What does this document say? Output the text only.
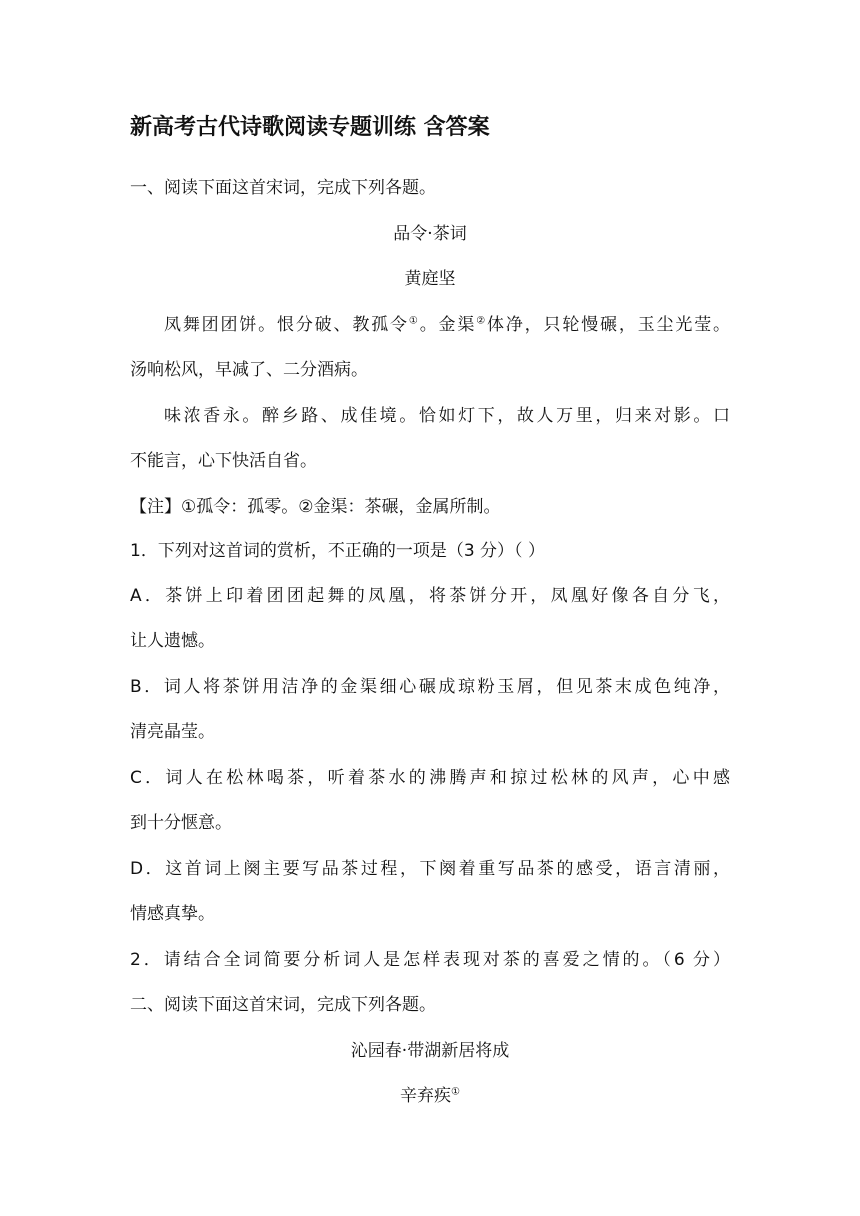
新高考古代诗歌阅读专题训练 含答案
一、阅读下面这首宋词，完成下列各题。
品令·茶词
黄庭坚
凤舞团团饼。恨分破、教孤令①。金渠②体净，只轮慢碾，玉尘光莹。
汤响松风，早减了、二分酒病。
味浓香永。醉乡路、成佳境。恰如灯下，故人万里，归来对影。口
不能言，心下快活自省。
【注】①孤令：孤零。②金渠：茶碾，金属所制。
1．下列对这首词的赏析，不正确的一项是（3 分）（ ）
A．茶饼上印着团团起舞的凤凰，将茶饼分开，凤凰好像各自分飞，
让人遗憾。
B．词人将茶饼用洁净的金渠细心碾成琼粉玉屑，但见茶末成色纯净，
清亮晶莹。
C．词人在松林喝茶，听着茶水的沸腾声和掠过松林的风声，心中感
到十分惬意。
D．这首词上阕主要写品茶过程，下阕着重写品茶的感受，语言清丽，
情感真挚。
2．请结合全词简要分析词人是怎样表现对茶的喜爱之情的。（6 分）
二、阅读下面这首宋词，完成下列各题。
沁园春·带湖新居将成
辛弃疾①
